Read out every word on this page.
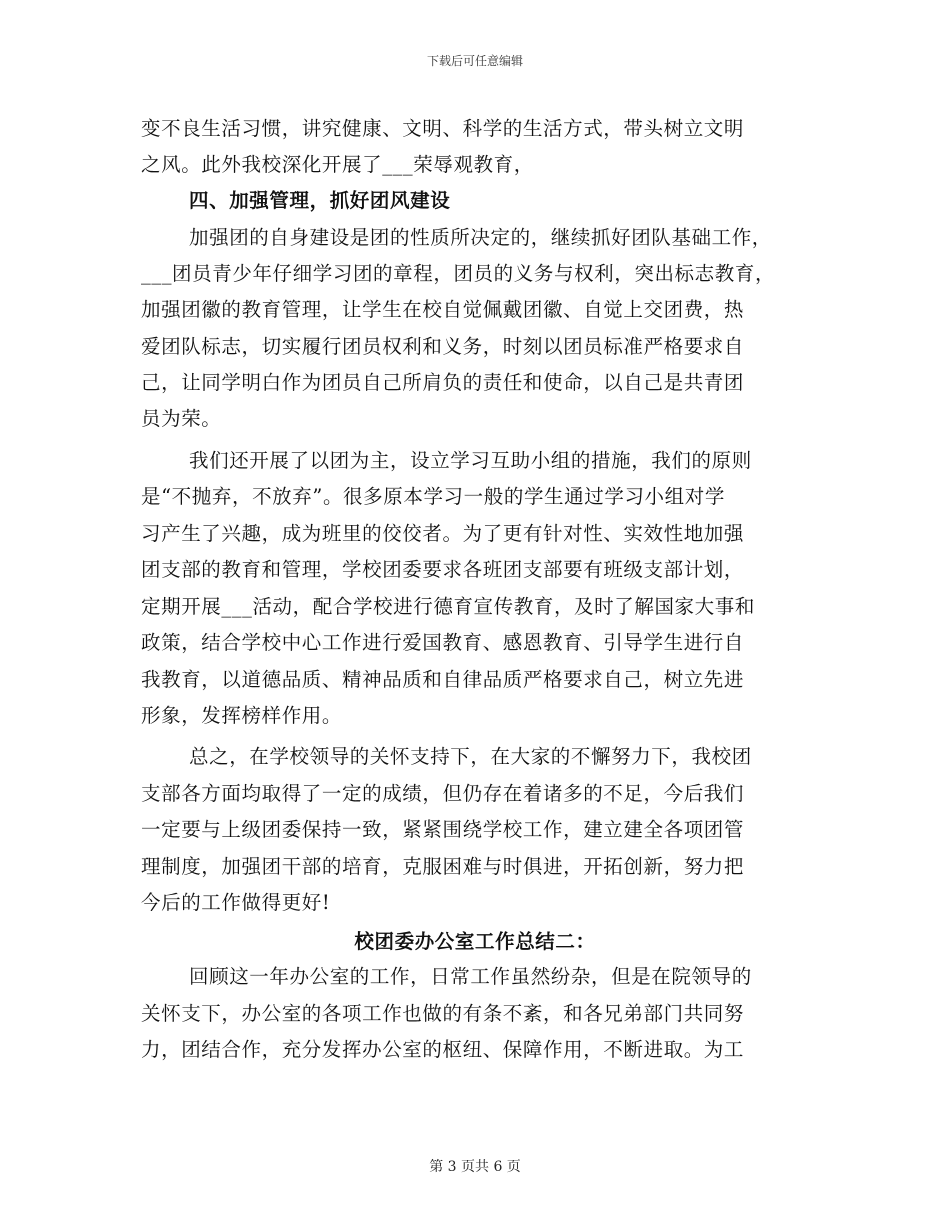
下载后可任意编辑
变不良生活习惯，讲究健康、文明、科学的生活方式，带头树立文明
之风。此外我校深化开展了___荣辱观教育，
四、加强管理，抓好团风建设
加强团的自身建设是团的性质所决定的，继续抓好团队基础工作，
___团员青少年仔细学习团的章程，团员的义务与权利，突出标志教育，
加强团徽的教育管理，让学生在校自觉佩戴团徽、自觉上交团费，热
爱团队标志，切实履行团员权利和义务，时刻以团员标准严格要求自
己，让同学明白作为团员自己所肩负的责任和使命，以自己是共青团
员为荣。
我们还开展了以团为主，设立学习互助小组的措施，我们的原则
是“不抛弃，不放弃”。很多原本学习一般的学生通过学习小组对学
习产生了兴趣，成为班里的佼佼者。为了更有针对性、实效性地加强
团支部的教育和管理，学校团委要求各班团支部要有班级支部计划，
定期开展___活动，配合学校进行德育宣传教育，及时了解国家大事和
政策，结合学校中心工作进行爱国教育、感恩教育、引导学生进行自
我教育，以道德品质、精神品质和自律品质严格要求自己，树立先进
形象，发挥榜样作用。
总之，在学校领导的关怀支持下，在大家的不懈努力下，我校团
支部各方面均取得了一定的成绩，但仍存在着诸多的不足，今后我们
一定要与上级团委保持一致，紧紧围绕学校工作，建立建全各项团管
理制度，加强团干部的培育，克服困难与时俱进，开拓创新，努力把
今后的工作做得更好!
校团委办公室工作总结二：
回顾这一年办公室的工作，日常工作虽然纷杂，但是在院领导的
关怀支下，办公室的各项工作也做的有条不紊，和各兄弟部门共同努
力，团结合作，充分发挥办公室的枢纽、保障作用，不断进取。为工
第 3 页共 6 页
